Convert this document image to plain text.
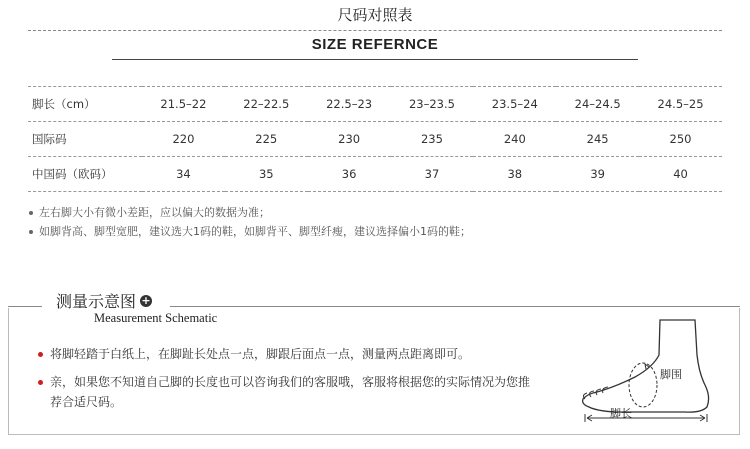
尺码对照表
SIZE REFERNCE
脚长（cm）	21.5–22	22–22.5	22.5–23	23–23.5	23.5–24	24–24.5	24.5–25
国际码	220	225	230	235	240	245	250
中国码（欧码）	34	35	36	37	38	39	40
左右脚大小有微小差距，应以偏大的数据为准；
如脚背高、脚型宽肥，建议选大1码的鞋，如脚背平、脚型纤瘦，建议选择偏小1码的鞋；
测量示意图 +
Measurement Schematic
将脚轻踏于白纸上，在脚趾长处点一点，脚跟后面点一点，测量两点距离即可。
亲，如果您不知道自己脚的长度也可以咨询我们的客服哦，客服将根据您的实际情况为您推荐合适尺码。
脚围
脚长
